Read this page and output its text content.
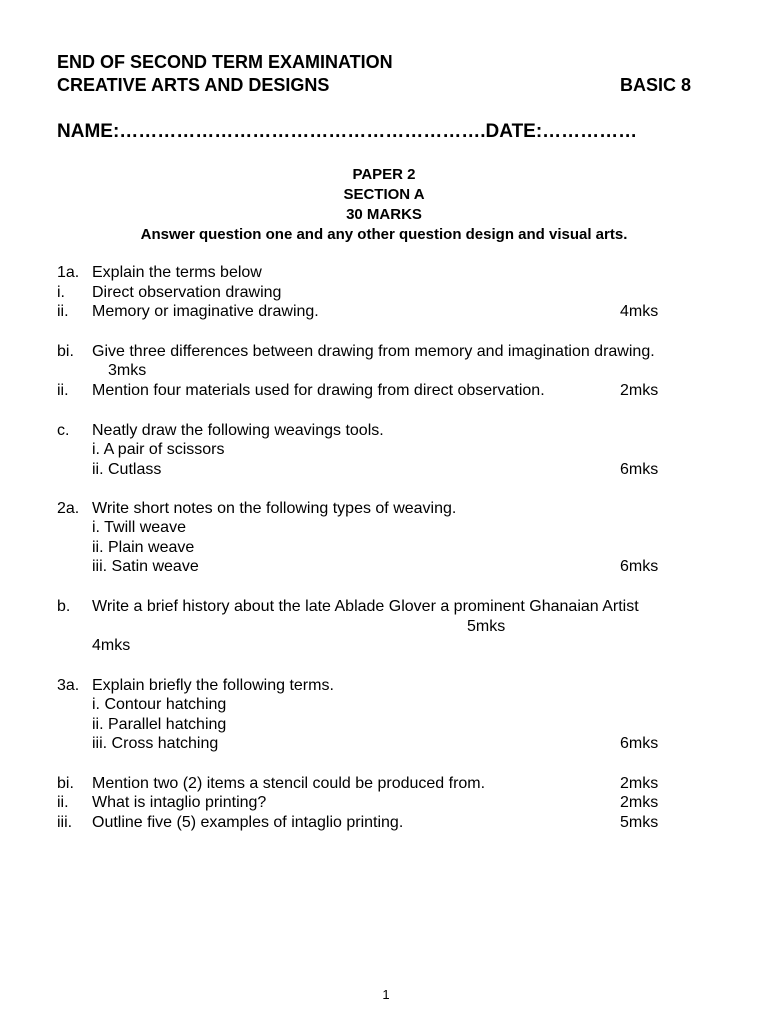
END OF SECOND TERM EXAMINATION
CREATIVE ARTS AND DESIGNS	BASIC 8
NAME:………………………………………………….DATE:……………
PAPER 2
SECTION A
30 MARKS
Answer question one and any other question design and visual arts.
1a. Explain the terms below
i. Direct observation drawing
ii. Memory or imaginative drawing.	4mks
bi. Give three differences between drawing from memory and imagination drawing.
3mks
ii. Mention four materials used for drawing from direct observation.	2mks
c. Neatly draw the following weavings tools.
i. A pair of scissors
ii. Cutlass	6mks
2a. Write short notes on the following types of weaving.
i. Twill weave
ii. Plain weave
iii. Satin weave	6mks
b. Write a brief history about the late Ablade Glover a prominent Ghanaian Artist
5mks
4mks
3a. Explain briefly the following terms.
i. Contour hatching
ii. Parallel hatching
iii. Cross hatching	6mks
bi. Mention two (2) items a stencil could be produced from.	2mks
ii. What is intaglio printing?	2mks
iii. Outline five (5) examples of intaglio printing.	5mks
1
